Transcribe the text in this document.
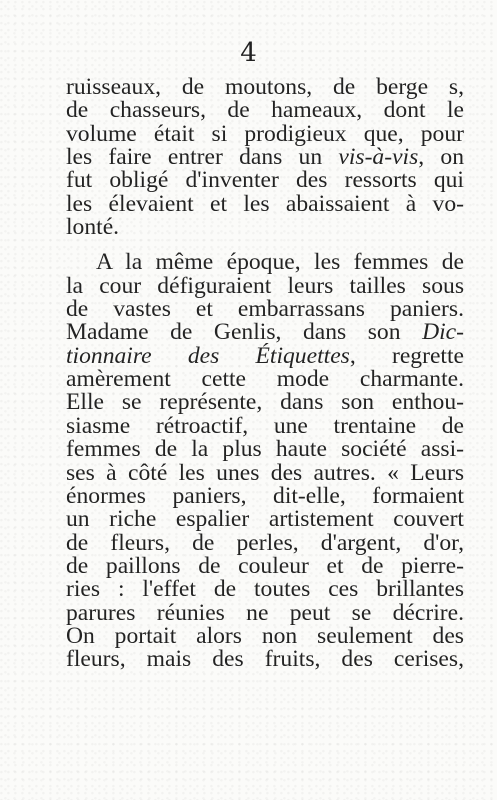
4
ruisseaux, de moutons, de berge s,
de chasseurs, de hameaux, dont le
volume était si prodigieux que, pour
les faire entrer dans un vis-à-vis, on
fut obligé d'inventer des ressorts qui
les élevaient et les abaissaient à vo-
lonté.
A la même époque, les femmes de
la cour défiguraient leurs tailles sous
de vastes et embarrassans paniers.
Madame de Genlis, dans son Dic-
tionnaire des Étiquettes, regrette
amèrement cette mode charmante.
Elle se représente, dans son enthou-
siasme rétroactif, une trentaine de
femmes de la plus haute société assi-
ses à côté les unes des autres. « Leurs
énormes paniers, dit-elle, formaient
un riche espalier artistement couvert
de fleurs, de perles, d'argent, d'or,
de paillons de couleur et de pierre-
ries : l'effet de toutes ces brillantes
parures réunies ne peut se décrire.
On portait alors non seulement des
fleurs, mais des fruits, des cerises,
